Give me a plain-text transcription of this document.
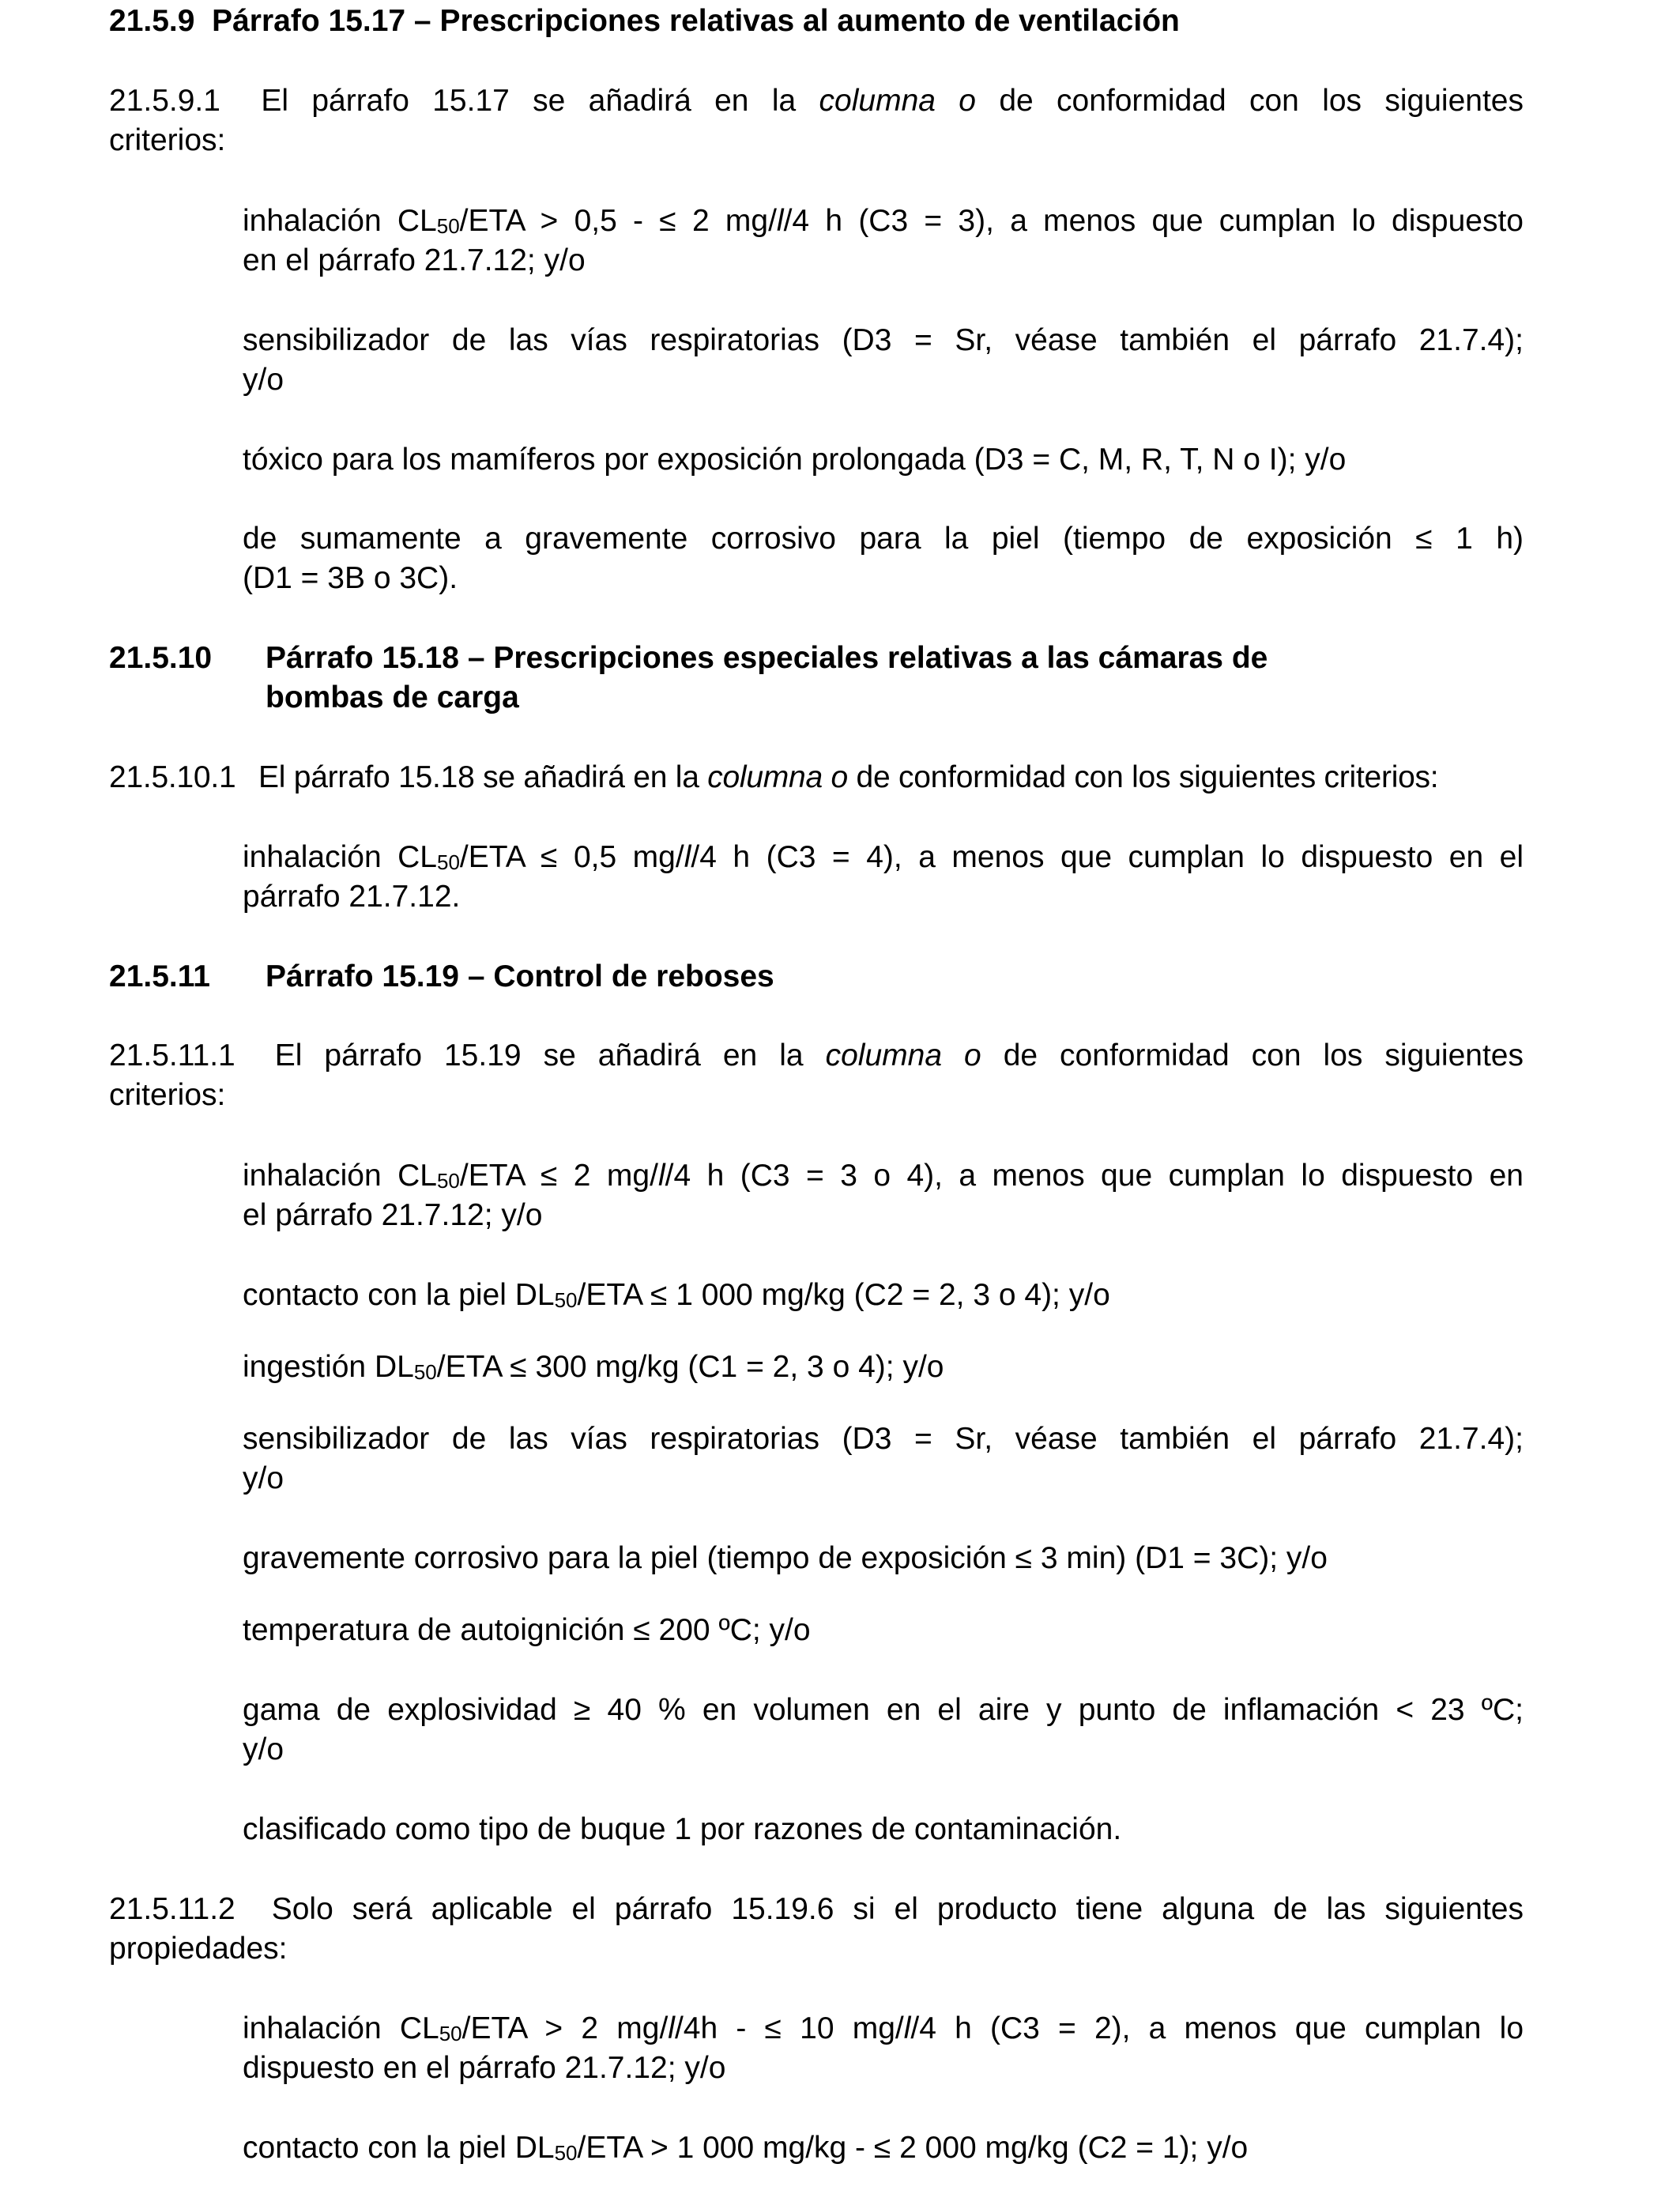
21.5.9 Párrafo 15.17 – Prescripciones relativas al aumento de ventilación
21.5.9.1 El párrafo 15.17 se añadirá en la columna o de conformidad con los siguientes
criterios:
inhalación $CL_{50}$/ETA > 0,5 - ≤ 2 mg/l/4 h (C3 = 3), a menos que cumplan lo dispuesto
en el párrafo 21.7.12; y/o
sensibilizador de las vías respiratorias (D3 = Sr, véase también el párrafo 21.7.4);
y/o
tóxico para los mamíferos por exposición prolongada (D3 = C, M, R, T, N o I); y/o
de sumamente a gravemente corrosivo para la piel (tiempo de exposición ≤ 1 h)
(D1 = 3B o 3C).
21.5.10 Párrafo 15.18 – Prescripciones especiales relativas a las cámaras de
bombas de carga
21.5.10.1 El párrafo 15.18 se añadirá en la columna o de conformidad con los siguientes criterios:
inhalación $CL_{50}$/ETA ≤ 0,5 mg/l/4 h (C3 = 4), a menos que cumplan lo dispuesto en el
párrafo 21.7.12.
21.5.11 Párrafo 15.19 – Control de reboses
21.5.11.1 El párrafo 15.19 se añadirá en la columna o de conformidad con los siguientes
criterios:
inhalación $CL_{50}$/ETA ≤ 2 mg/l/4 h (C3 = 3 o 4), a menos que cumplan lo dispuesto en
el párrafo 21.7.12; y/o
contacto con la piel $DL_{50}$/ETA ≤ 1 000 mg/kg (C2 = 2, 3 o 4); y/o
ingestión $DL_{50}$/ETA ≤ 300 mg/kg (C1 = 2, 3 o 4); y/o
sensibilizador de las vías respiratorias (D3 = Sr, véase también el párrafo 21.7.4);
y/o
gravemente corrosivo para la piel (tiempo de exposición ≤ 3 min) (D1 = 3C); y/o
temperatura de autoignición ≤ 200 ºC; y/o
gama de explosividad ≥ 40 % en volumen en el aire y punto de inflamación < 23 ºC;
y/o
clasificado como tipo de buque 1 por razones de contaminación.
21.5.11.2 Solo será aplicable el párrafo 15.19.6 si el producto tiene alguna de las siguientes
propiedades:
inhalación $CL_{50}$/ETA > 2 mg/l/4h - ≤ 10 mg/l/4 h (C3 = 2), a menos que cumplan lo
dispuesto en el párrafo 21.7.12; y/o
contacto con la piel $DL_{50}$/ETA > 1 000 mg/kg - ≤ 2 000 mg/kg (C2 = 1); y/o
